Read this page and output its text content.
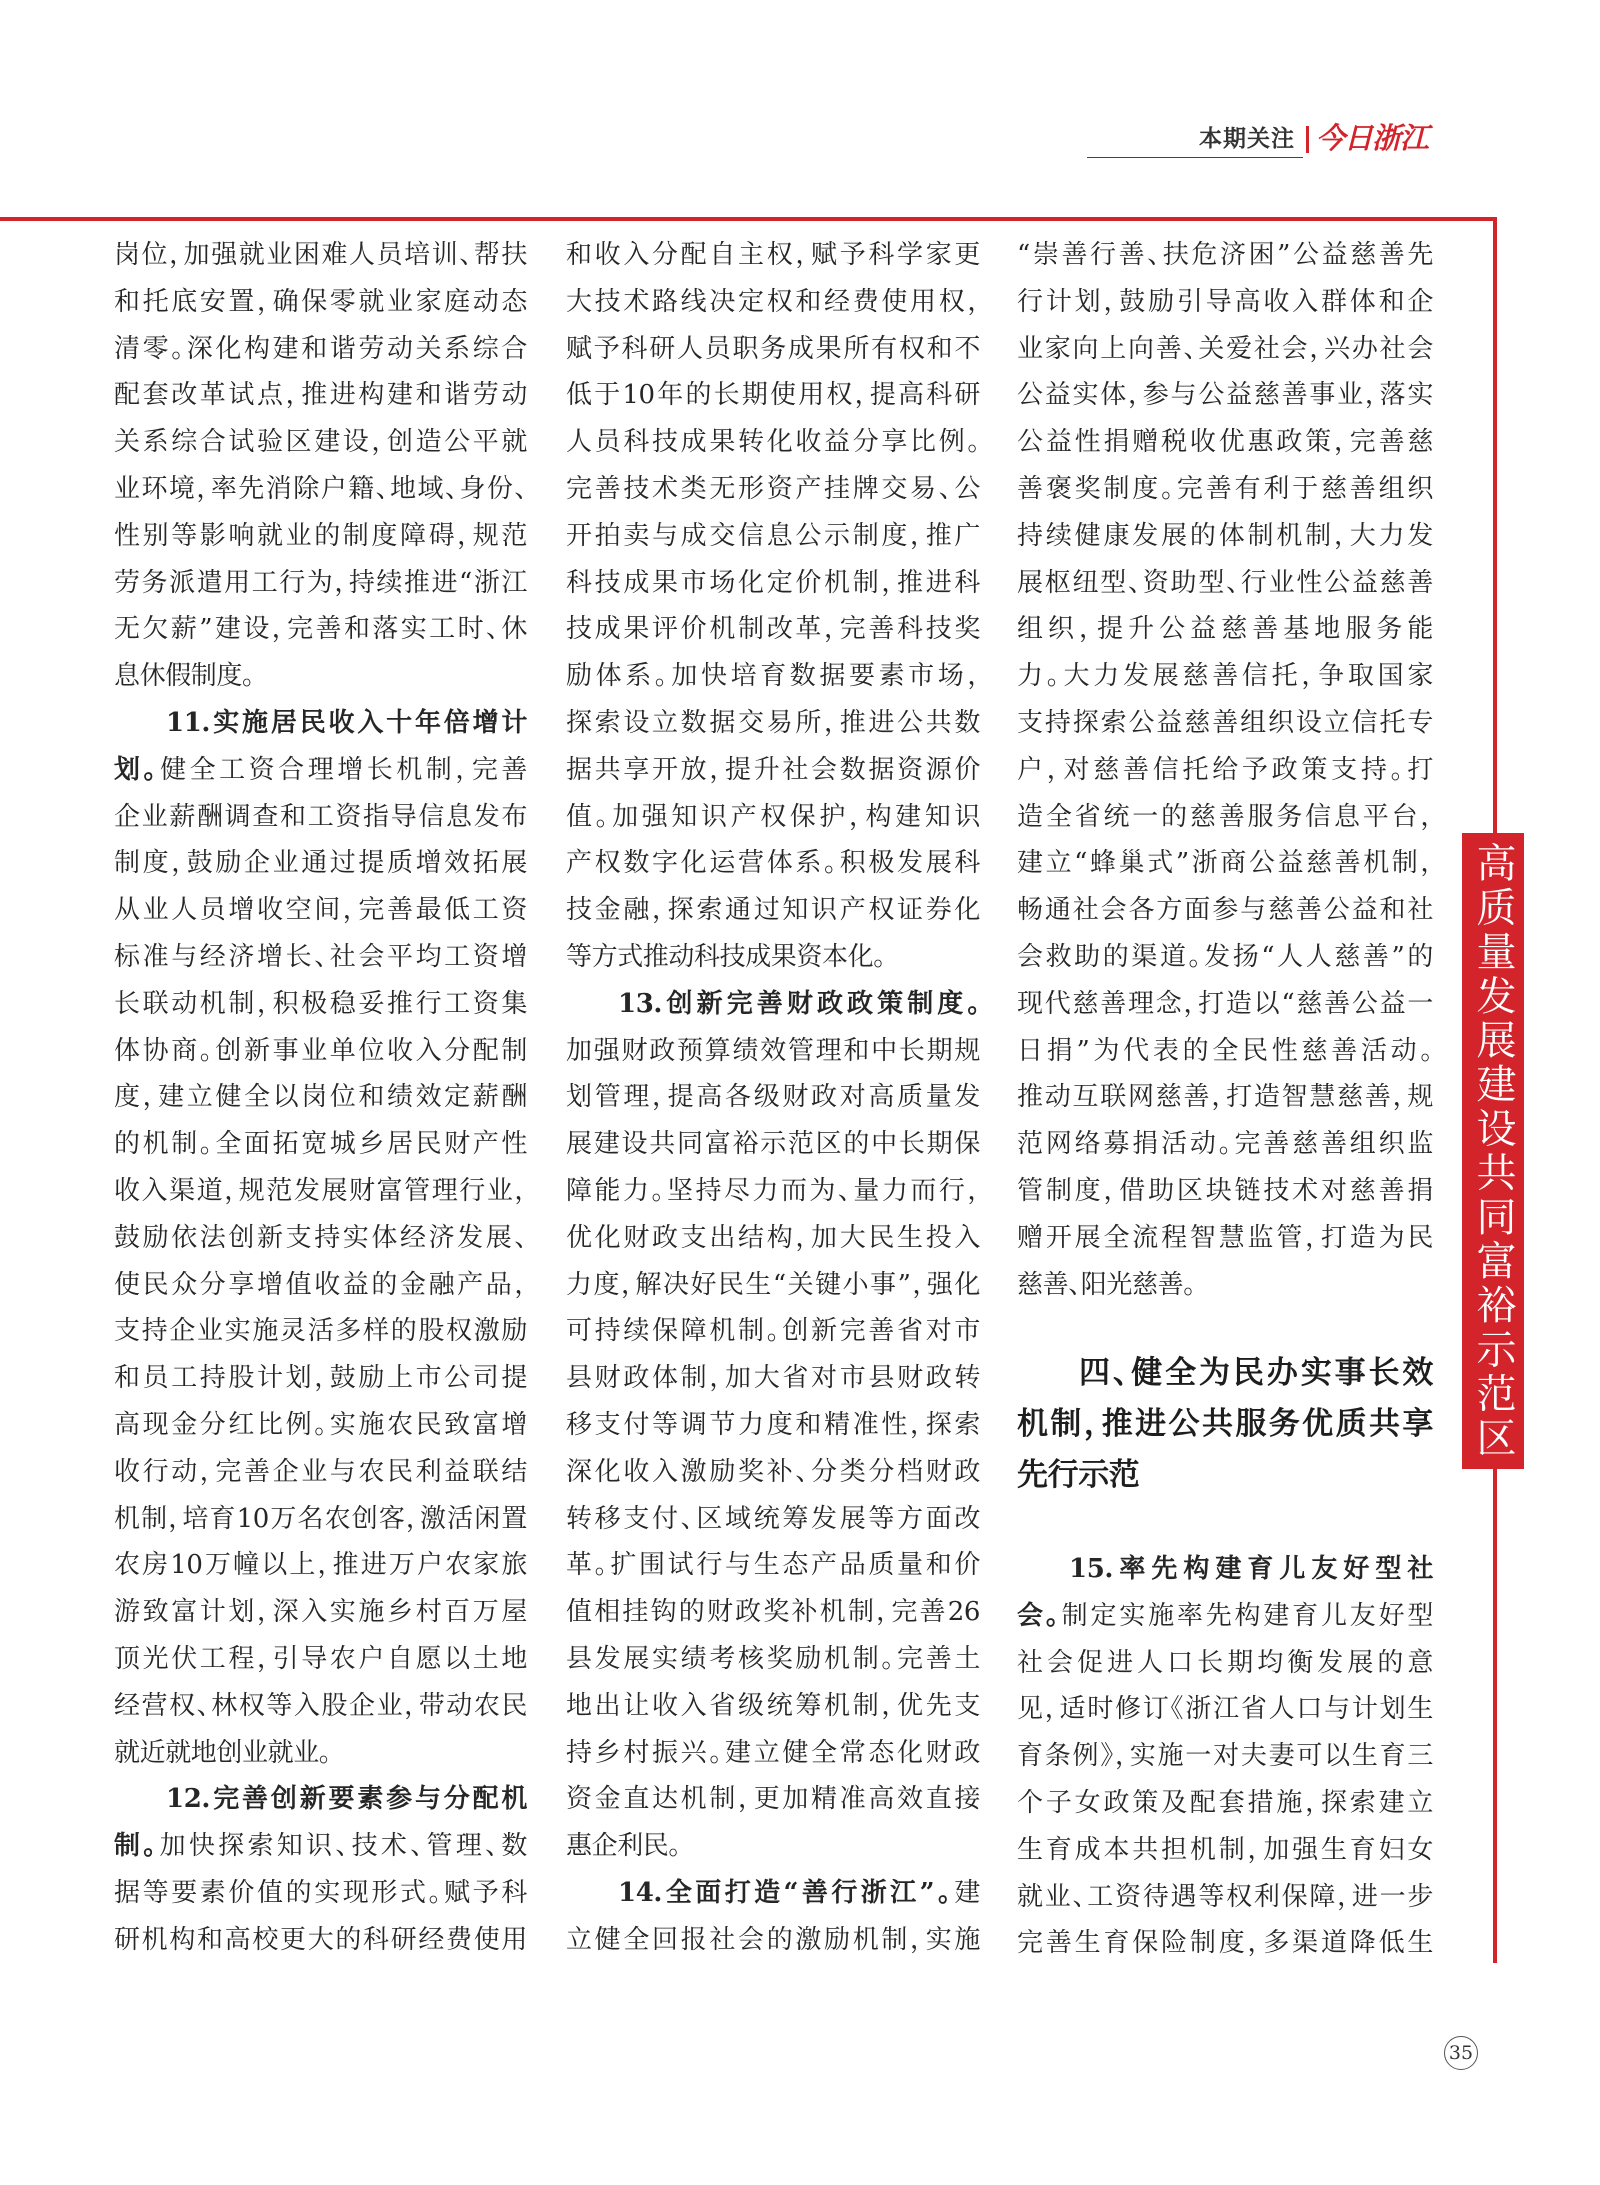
本期关注 今日浙江
岗位，加强就业困难人员培训、帮扶
和托底安置，确保零就业家庭动态
清零。深化构建和谐劳动关系综合
配套改革试点，推进构建和谐劳动
关系综合试验区建设，创造公平就
业环境，率先消除户籍、地域、身份、
性别等影响就业的制度障碍，规范
劳务派遣用工行为，持续推进“浙江
无欠薪”建设，完善和落实工时、休
息休假制度。
11.实施居民收入十年倍增计
划。健全工资合理增长机制，完善
企业薪酬调查和工资指导信息发布
制度，鼓励企业通过提质增效拓展
从业人员增收空间，完善最低工资
标准与经济增长、社会平均工资增
长联动机制，积极稳妥推行工资集
体协商。创新事业单位收入分配制
度，建立健全以岗位和绩效定薪酬
的机制。全面拓宽城乡居民财产性
收入渠道，规范发展财富管理行业，
鼓励依法创新支持实体经济发展、
使民众分享增值收益的金融产品，
支持企业实施灵活多样的股权激励
和员工持股计划，鼓励上市公司提
高现金分红比例。实施农民致富增
收行动，完善企业与农民利益联结
机制，培育10万名农创客，激活闲置
农房10万幢以上，推进万户农家旅
游致富计划，深入实施乡村百万屋
顶光伏工程，引导农户自愿以土地
经营权、林权等入股企业，带动农民
就近就地创业就业。
12.完善创新要素参与分配机
制。加快探索知识、技术、管理、数
据等要素价值的实现形式。赋予科
研机构和高校更大的科研经费使用
和收入分配自主权，赋予科学家更
大技术路线决定权和经费使用权，
赋予科研人员职务成果所有权和不
低于10年的长期使用权，提高科研
人员科技成果转化收益分享比例。
完善技术类无形资产挂牌交易、公
开拍卖与成交信息公示制度，推广
科技成果市场化定价机制，推进科
技成果评价机制改革，完善科技奖
励体系。加快培育数据要素市场，
探索设立数据交易所，推进公共数
据共享开放，提升社会数据资源价
值。加强知识产权保护，构建知识
产权数字化运营体系。积极发展科
技金融，探索通过知识产权证券化
等方式推动科技成果资本化。
13.创新完善财政政策制度。
加强财政预算绩效管理和中长期规
划管理，提高各级财政对高质量发
展建设共同富裕示范区的中长期保
障能力。坚持尽力而为、量力而行，
优化财政支出结构，加大民生投入
力度，解决好民生“关键小事”，强化
可持续保障机制。创新完善省对市
县财政体制，加大省对市县财政转
移支付等调节力度和精准性，探索
深化收入激励奖补、分类分档财政
转移支付、区域统筹发展等方面改
革。扩围试行与生态产品质量和价
值相挂钩的财政奖补机制，完善26
县发展实绩考核奖励机制。完善土
地出让收入省级统筹机制，优先支
持乡村振兴。建立健全常态化财政
资金直达机制，更加精准高效直接
惠企利民。
14.全面打造“善行浙江”。建
立健全回报社会的激励机制，实施
“崇善行善、扶危济困”公益慈善先
行计划，鼓励引导高收入群体和企
业家向上向善、关爱社会，兴办社会
公益实体，参与公益慈善事业，落实
公益性捐赠税收优惠政策，完善慈
善褒奖制度。完善有利于慈善组织
持续健康发展的体制机制，大力发
展枢纽型、资助型、行业性公益慈善
组织，提升公益慈善基地服务能
力。大力发展慈善信托，争取国家
支持探索公益慈善组织设立信托专
户，对慈善信托给予政策支持。打
造全省统一的慈善服务信息平台，
建立“蜂巢式”浙商公益慈善机制，
畅通社会各方面参与慈善公益和社
会救助的渠道。发扬“人人慈善”的
现代慈善理念，打造以“慈善公益一
日捐”为代表的全民性慈善活动。
推动互联网慈善，打造智慧慈善，规
范网络募捐活动。完善慈善组织监
管制度，借助区块链技术对慈善捐
赠开展全流程智慧监管，打造为民
慈善、阳光慈善。
四、健全为民办实事长效
机制，推进公共服务优质共享
先行示范
15.率先构建育儿友好型社
会。制定实施率先构建育儿友好型
社会促进人口长期均衡发展的意
见，适时修订《浙江省人口与计划生
育条例》，实施一对夫妻可以生育三
个子女政策及配套措施，探索建立
生育成本共担机制，加强生育妇女
就业、工资待遇等权利保障，进一步
完善生育保险制度，多渠道降低生
高质量发展建设共同富裕示范区
35
